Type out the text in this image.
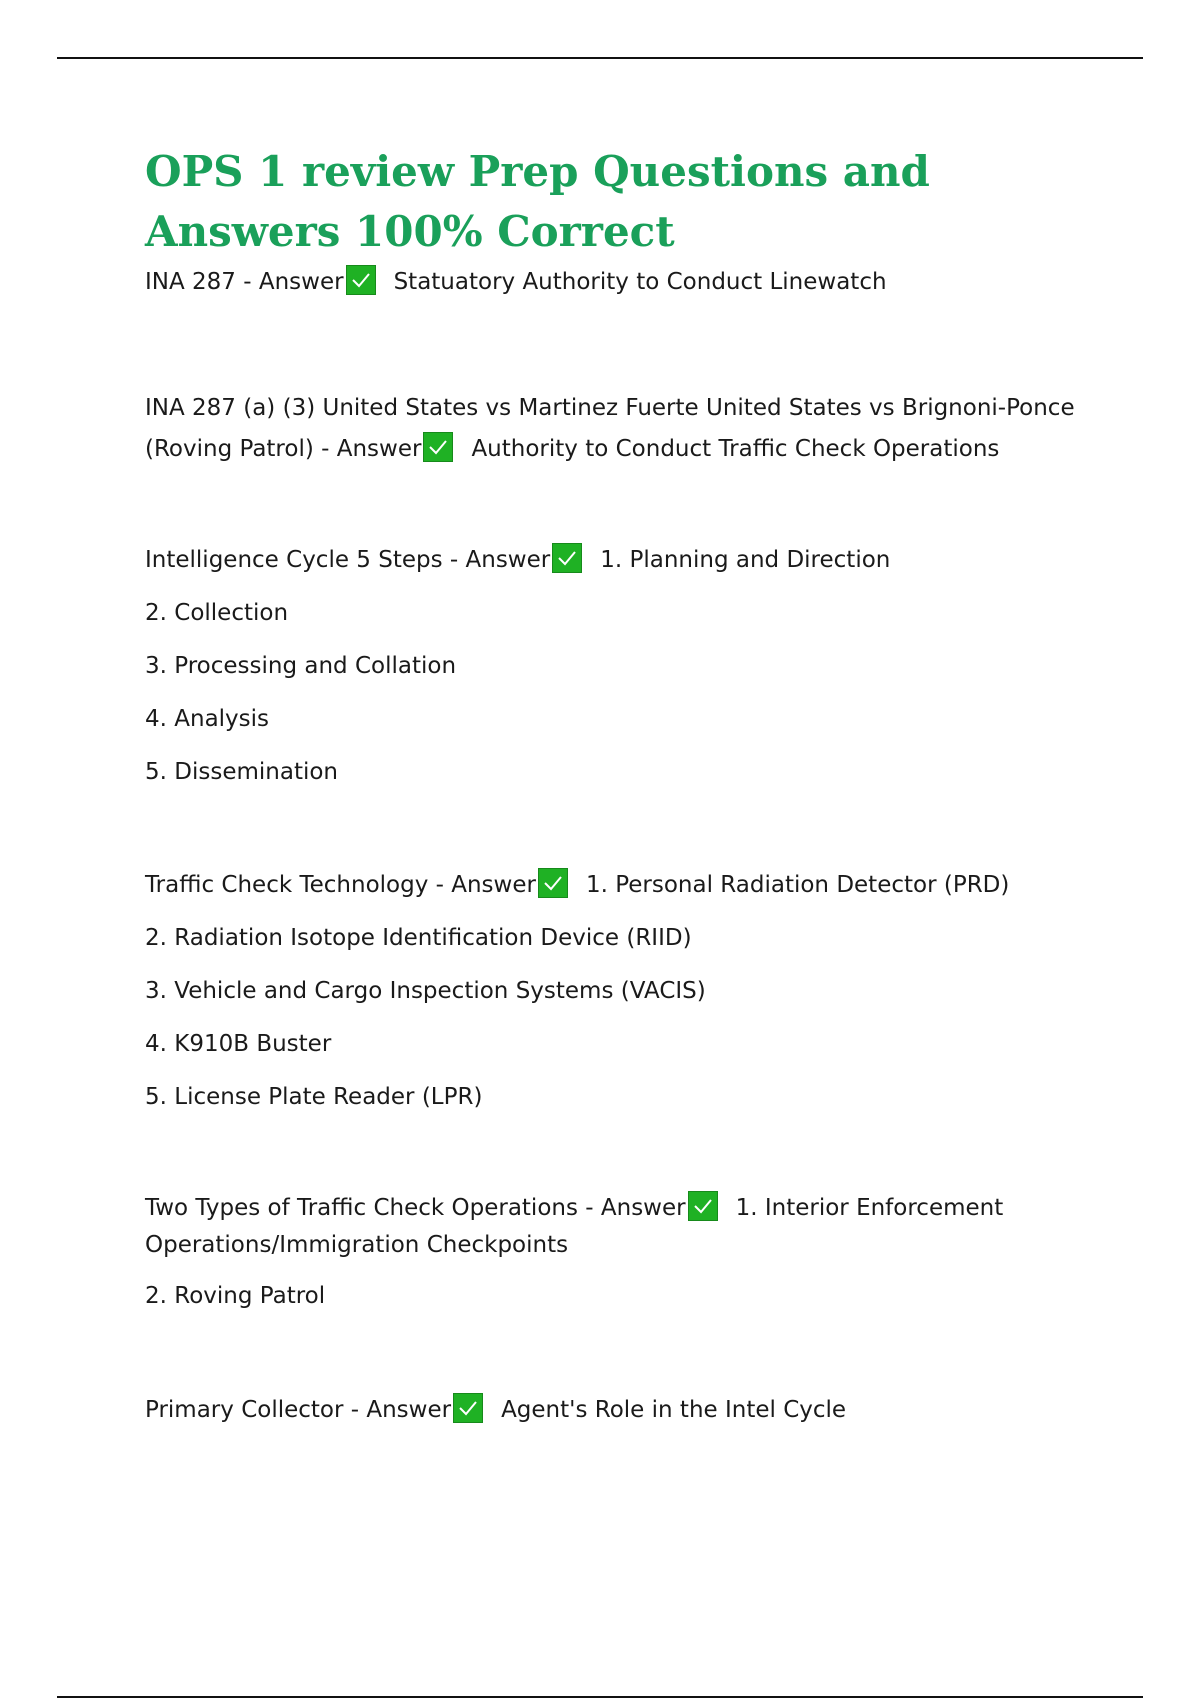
OPS 1 review Prep Questions and Answers 100% Correct
INA 287 - Answer Statuatory Authority to Conduct Linewatch
INA 287 (a) (3) United States vs Martinez Fuerte United States vs Brignoni-Ponce (Roving Patrol) - Answer Authority to Conduct Traffic Check Operations
Intelligence Cycle 5 Steps - Answer 1. Planning and Direction
2. Collection
3. Processing and Collation
4. Analysis
5. Dissemination
Traffic Check Technology - Answer 1. Personal Radiation Detector (PRD)
2. Radiation Isotope Identification Device (RIID)
3. Vehicle and Cargo Inspection Systems (VACIS)
4. K910B Buster
5. License Plate Reader (LPR)
Two Types of Traffic Check Operations - Answer 1. Interior Enforcement Operations/Immigration Checkpoints
2. Roving Patrol
Primary Collector - Answer Agent's Role in the Intel Cycle
